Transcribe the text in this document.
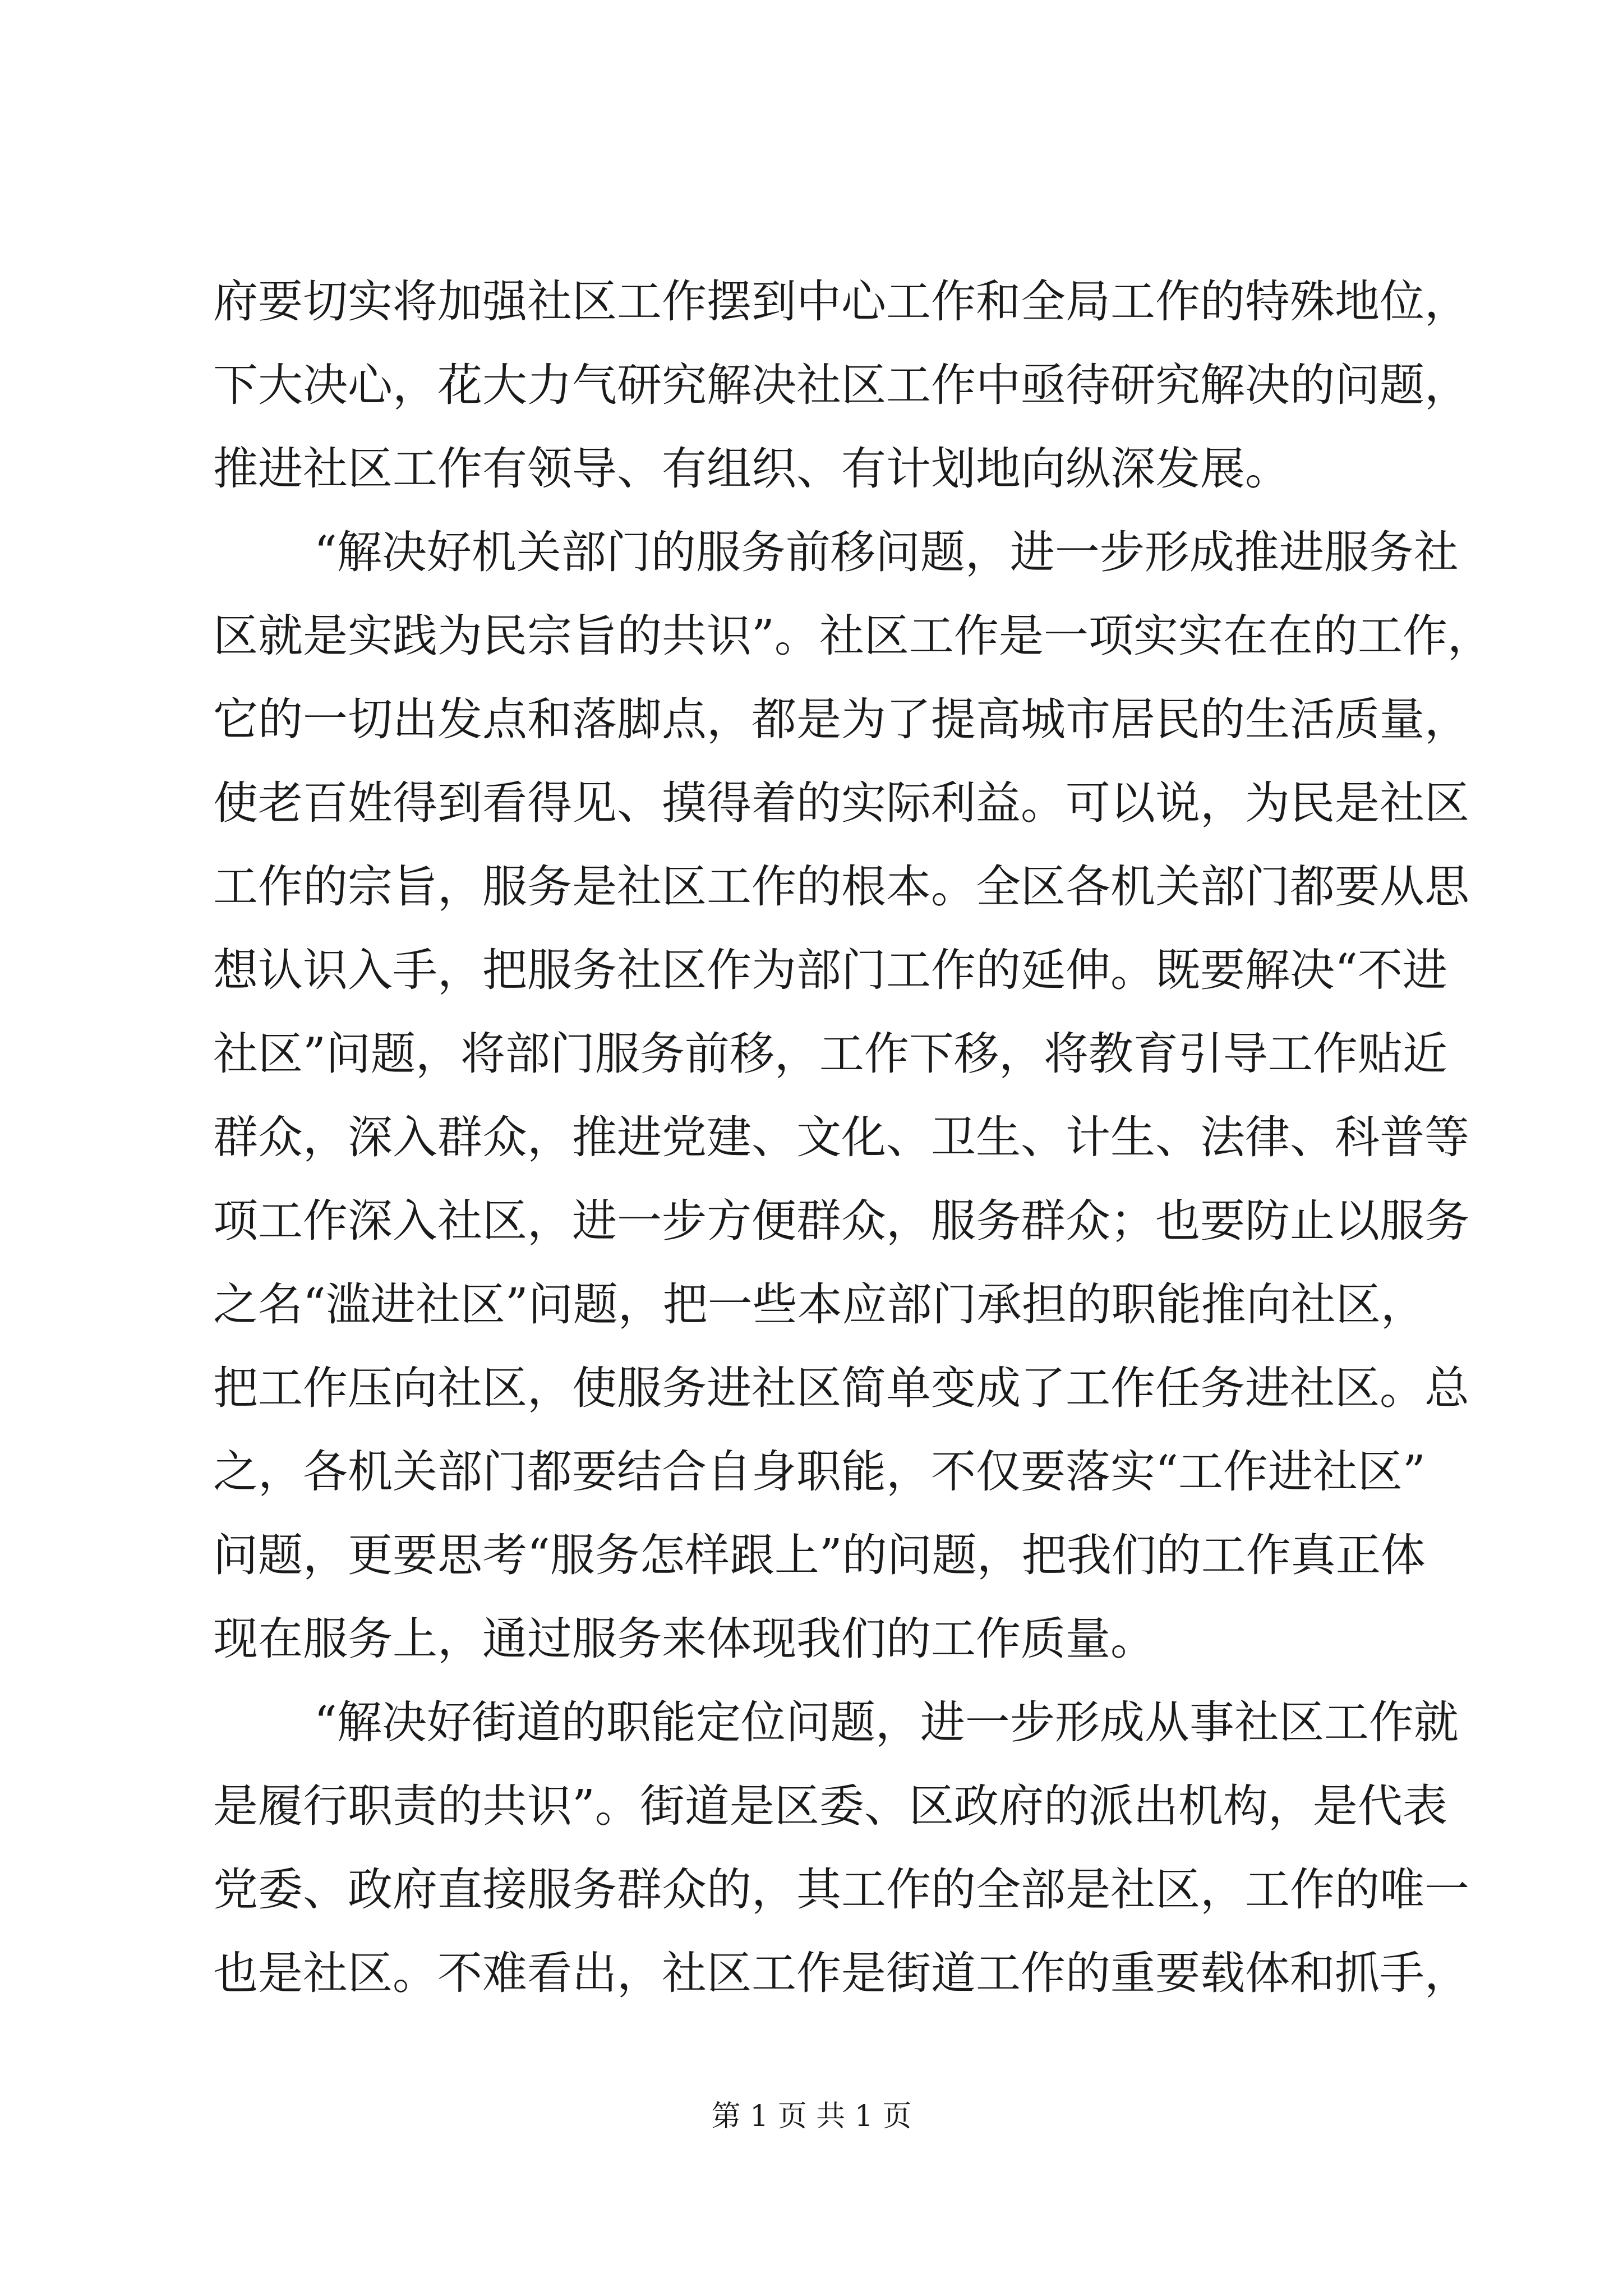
府要切实将加强社区工作摆到中心工作和全局工作的特殊地位，
下大决心，花大力气研究解决社区工作中亟待研究解决的问题，
推进社区工作有领导、有组织、有计划地向纵深发展。
“解决好机关部门的服务前移问题，进一步形成推进服务社
区就是实践为民宗旨的共识”。社区工作是一项实实在在的工作，
它的一切出发点和落脚点，都是为了提高城市居民的生活质量，
使老百姓得到看得见、摸得着的实际利益。可以说，为民是社区
工作的宗旨，服务是社区工作的根本。全区各机关部门都要从思
想认识入手，把服务社区作为部门工作的延伸。既要解决“不进
社区”问题，将部门服务前移，工作下移，将教育引导工作贴近
群众，深入群众，推进党建、文化、卫生、计生、法律、科普等
项工作深入社区，进一步方便群众，服务群众；也要防止以服务
之名“滥进社区”问题，把一些本应部门承担的职能推向社区，
把工作压向社区，使服务进社区简单变成了工作任务进社区。总
之，各机关部门都要结合自身职能，不仅要落实“工作进社区”
问题，更要思考“服务怎样跟上”的问题，把我们的工作真正体
现在服务上，通过服务来体现我们的工作质量。
“解决好街道的职能定位问题，进一步形成从事社区工作就
是履行职责的共识”。街道是区委、区政府的派出机构，是代表
党委、政府直接服务群众的，其工作的全部是社区，工作的唯一
也是社区。不难看出，社区工作是街道工作的重要载体和抓手，
第 1 页 共 1 页
